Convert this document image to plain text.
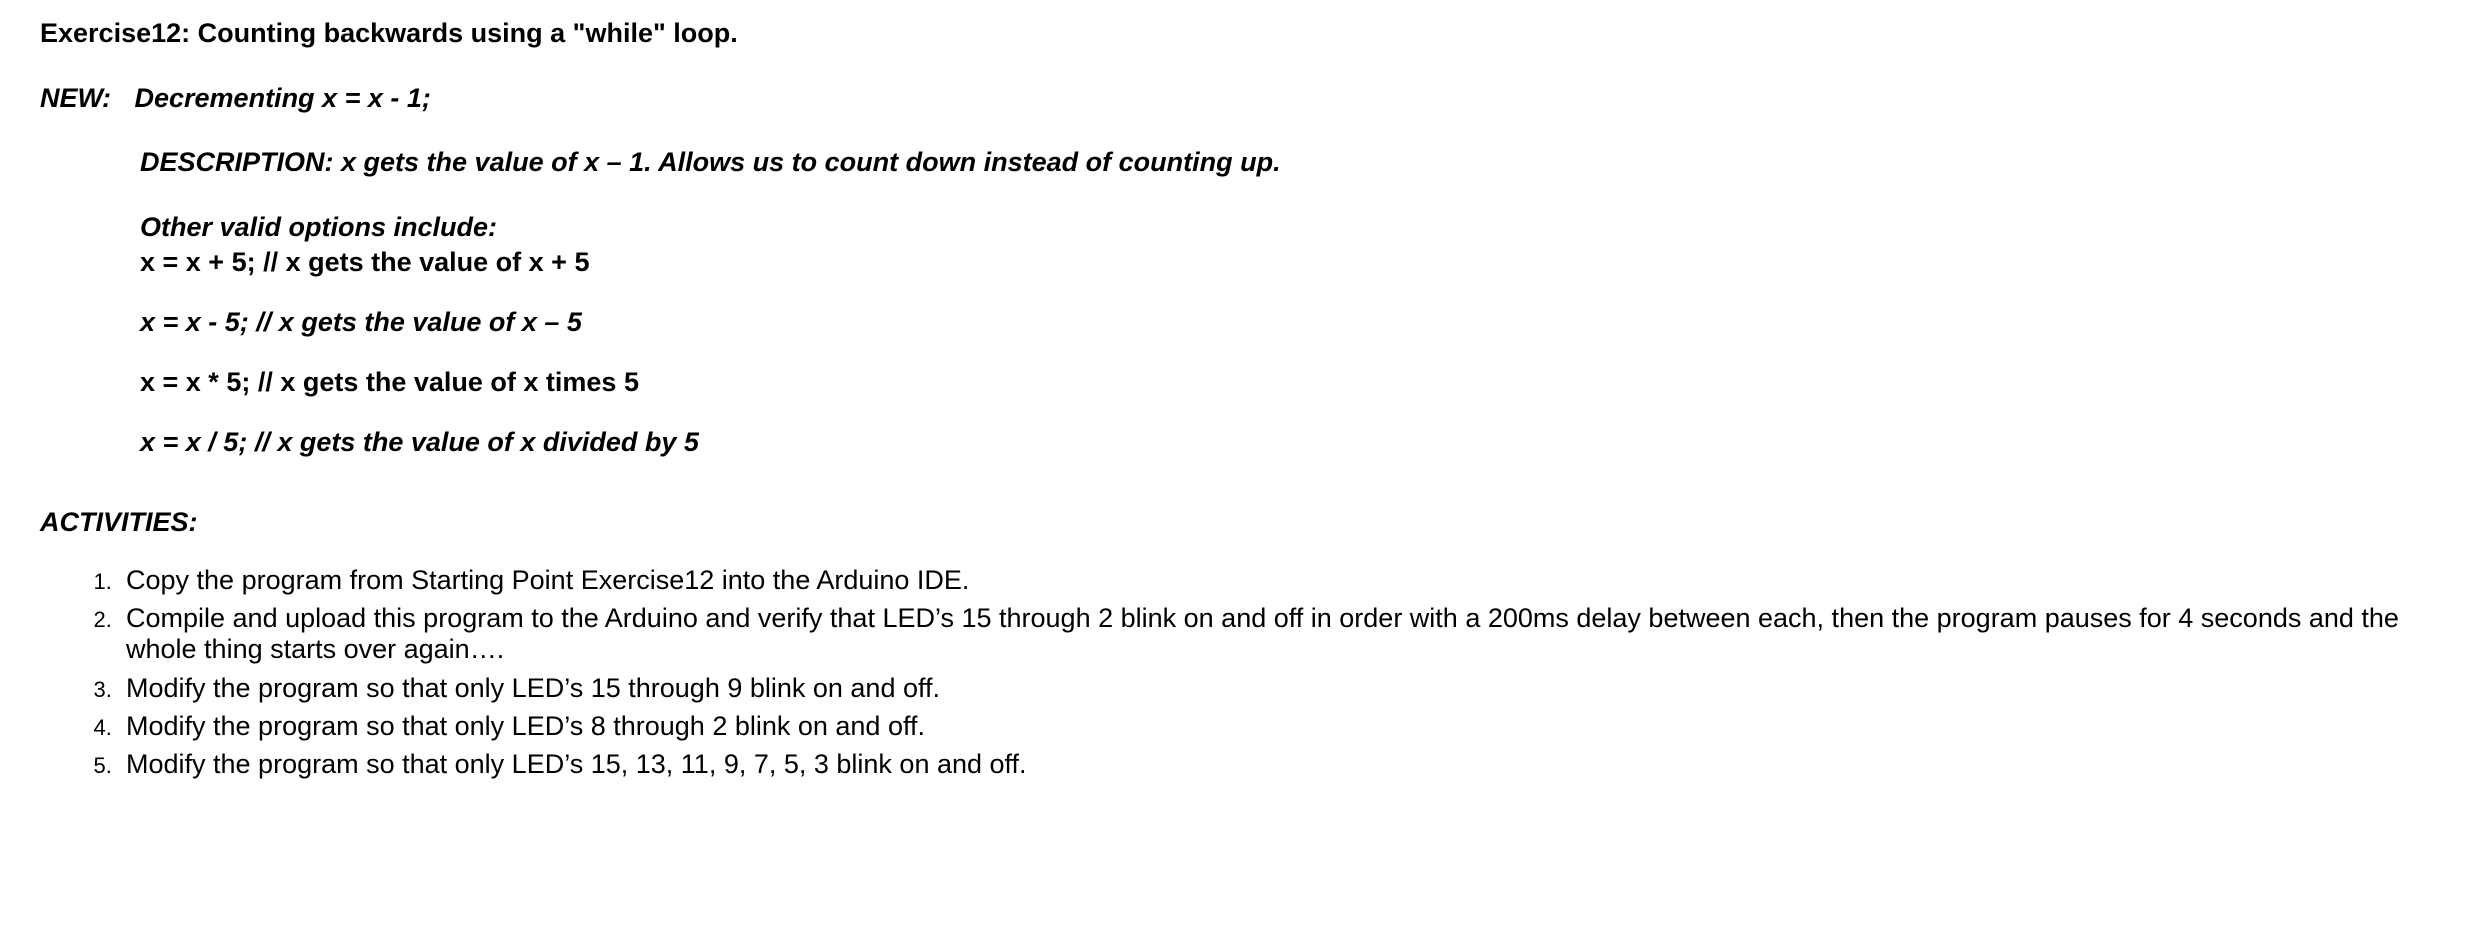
Exercise12: Counting backwards using a "while" loop.
NEW: Decrementing x = x - 1;
DESCRIPTION: x gets the value of x – 1. Allows us to count down instead of counting up.
Other valid options include:
x = x + 5; // x gets the value of x + 5
x = x - 5; // x gets the value of x – 5
x = x * 5; // x gets the value of x times 5
x = x / 5; // x gets the value of x divided by 5
ACTIVITIES:
1. Copy the program from Starting Point Exercise12 into the Arduino IDE.
2. Compile and upload this program to the Arduino and verify that LED’s 15 through 2 blink on and off in order with a 200ms delay between each, then the program pauses for 4 seconds and the whole thing starts over again….
3. Modify the program so that only LED’s 15 through 9 blink on and off.
4. Modify the program so that only LED’s 8 through 2 blink on and off.
5. Modify the program so that only LED’s 15, 13, 11, 9, 7, 5, 3 blink on and off.
